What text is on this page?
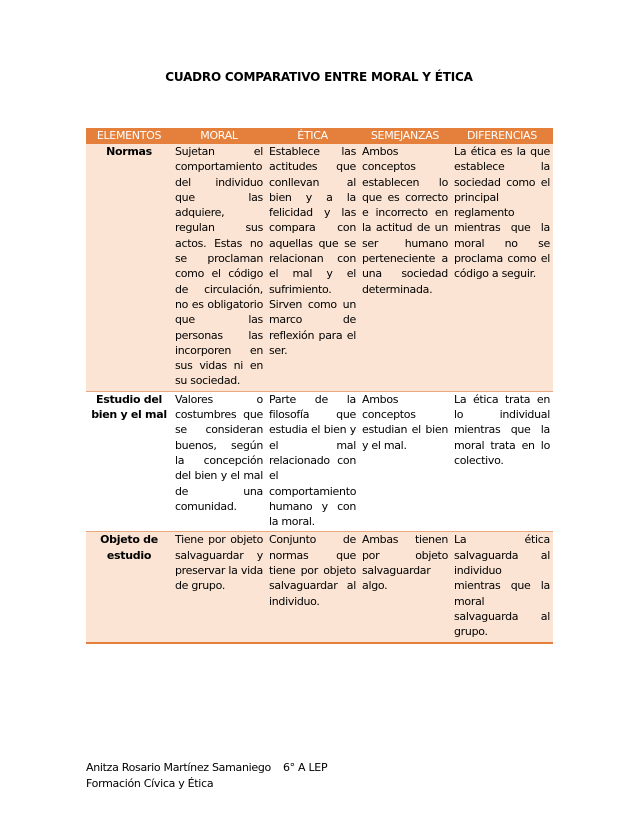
CUADRO COMPARATIVO ENTRE MORAL Y ÉTICA
ELEMENTOS	MORAL	ÉTICA	SEMEJANZAS	DIFERENCIAS
Normas	Sujetan el comportamiento del individuo que las adquiere, regulan sus actos. Estas no se proclaman como el código de circulación, no es obligatorio que las personas las incorporen en sus vidas ni en su sociedad.	Establece las actitudes que conllevan al bien y a la felicidad y las compara con aquellas que se relacionan con el mal y el sufrimiento. Sirven como un marco de reflexión para el ser.	Ambos conceptos establecen lo que es correcto e incorrecto en la actitud de un ser humano perteneciente a una sociedad determinada.	La ética es la que establece la sociedad como el principal reglamento mientras que la moral no se proclama como el código a seguir.
Estudio del bien y el mal	Valores o costumbres que se consideran buenos, según la concepción del bien y el mal de una comunidad.	Parte de la filosofía que estudia el bien y el mal relacionado con el comportamiento humano y con la moral.	Ambos conceptos estudian el bien y el mal.	La ética trata en lo individual mientras que la moral trata en lo colectivo.
Objeto de estudio	Tiene por objeto salvaguardar y preservar la vida de grupo.	Conjunto de normas que tiene por objeto salvaguardar al individuo.	Ambas tienen por objeto salvaguardar algo.	La ética salvaguarda al individuo mientras que la moral salvaguarda al grupo.
Anitza Rosario Martínez Samaniego 6° A LEP
Formación Cívica y Ética
